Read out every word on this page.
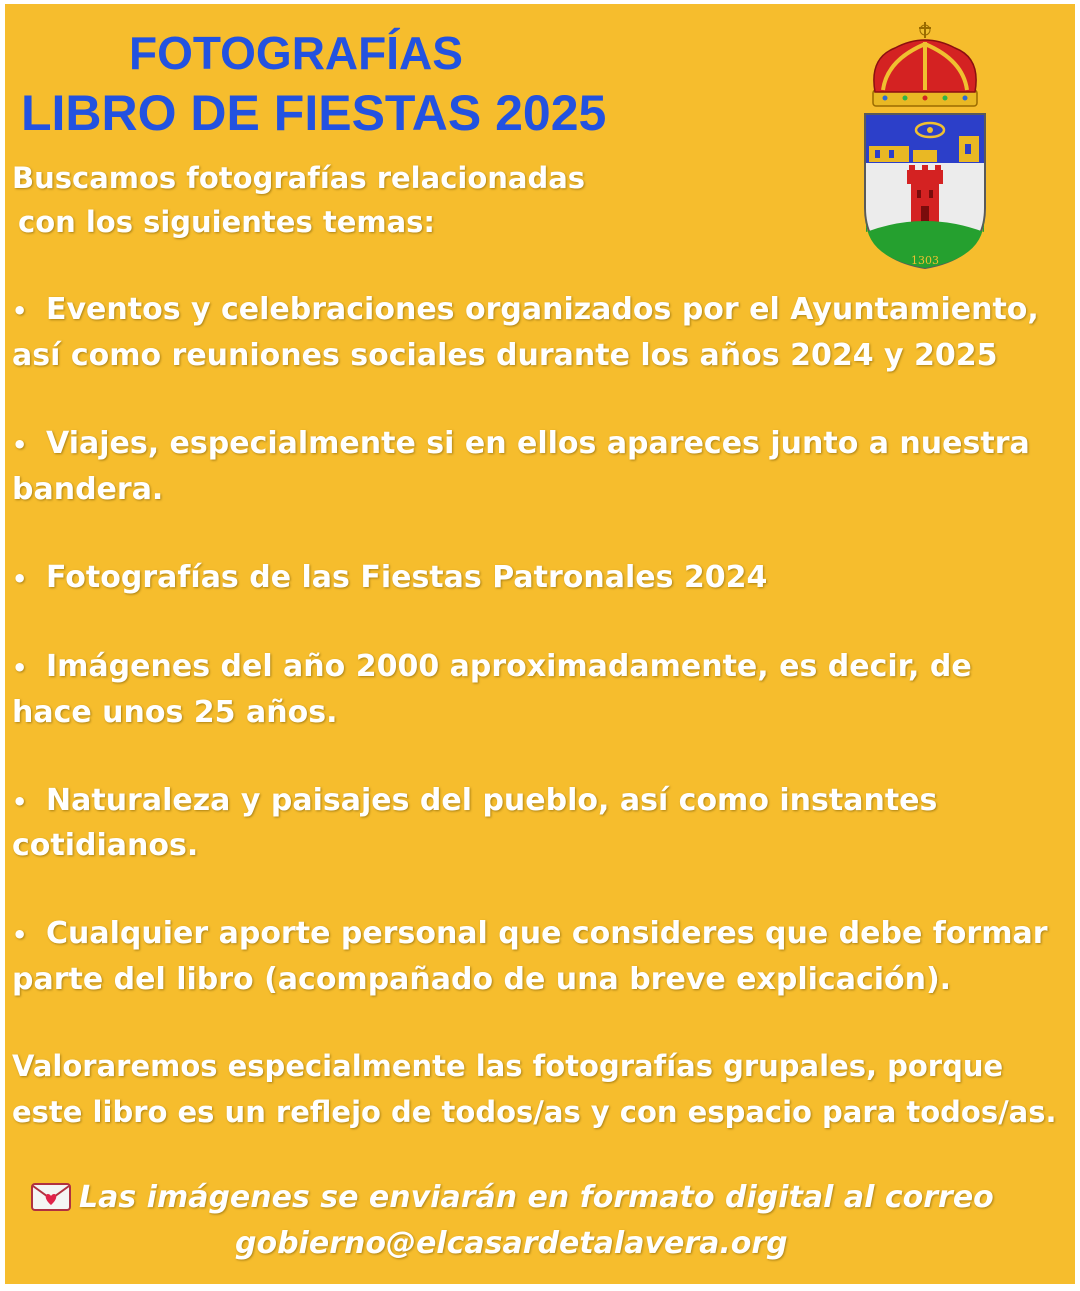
FOTOGRAFÍAS
LIBRO DE FIESTAS 2025
1303

Buscamos fotografías relacionadas

con los siguientes temas:

• Eventos y celebraciones organizados por el Ayuntamiento,

así como reuniones sociales durante los años 2024 y 2025

• Viajes, especialmente si en ellos apareces junto a nuestra

bandera.

• Fotografías de las Fiestas Patronales 2024

• Imágenes del año 2000 aproximadamente, es decir, de

hace unos 25 años.

• Naturaleza y paisajes del pueblo, así como instantes

cotidianos.

• Cualquier aporte personal que consideres que debe formar

parte del libro (acompañado de una breve explicación).

Valoraremos especialmente las fotografías grupales, porque

este libro es un reflejo de todos/as y con espacio para todos/as.

Las imágenes se enviarán en formato digital al correo

gobierno@elcasardetalavera.org
